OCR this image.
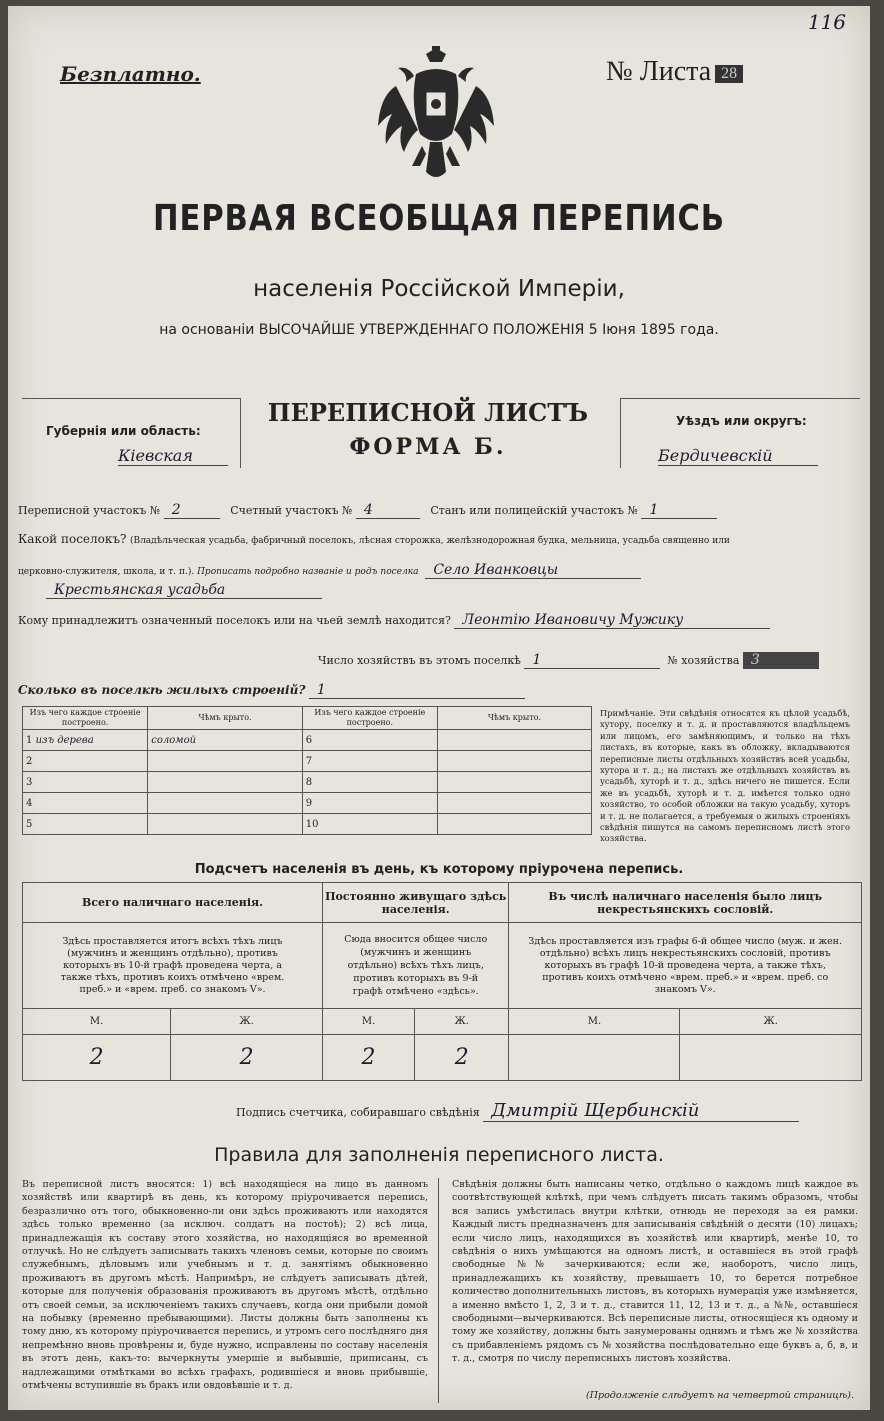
116
Безплатно.	№ Листа 28
ПЕРВАЯ ВСЕОБЩАЯ ПЕРЕПИСЬ
населенія Россійской Имперіи,
на основаніи ВЫСОЧАЙШЕ УТВЕРЖДЕННАГО ПОЛОЖЕНІЯ 5 Іюня 1895 года.
Губернія или область:
Кіевская
ПЕРЕПИСНОЙ ЛИСТЪ
ФОРМА Б.
Уѣздъ или округъ:
Бердичевскій
Переписной участокъ № 2	Счетный участокъ № 4	Станъ или полицейскій участокъ № 1
Какой поселокъ? (Владѣльческая усадьба, фабричный поселокъ, лѣсная сторожка, желѣзнодорожная будка, мельница, усадьба священно или
церковно-служителя, школа, и т. п.). Прописать подробно названіе и родъ поселка Село Иванковцы
Крестьянская усадьба
Кому принадлежитъ означенный поселокъ или на чьей землѣ находится? Леонтію Ивановичу Мужику
Число хозяйствъ въ этомъ поселкѣ 1	№ хозяйства 3
Сколько въ поселкѣ жилыхъ строеній? 1
Изъ чего каждое строеніе построено.	Чѣмъ крыто.	Изъ чего каждое строеніе построено.	Чѣмъ крыто.
1 изъ дерева	соломой	6	
2		7	
3		8	
4		9	
5		10	
Примѣчаніе. Эти свѣдѣнія относятся къ цѣлой усадьбѣ, хутору, поселку и т. д. и проставляются владѣльцемъ или лицомъ, его замѣняющимъ, и только на тѣхъ листахъ, въ которые, какъ въ обложку, вкладываются переписные листы отдѣльныхъ хозяйствъ всей усадьбы, хутора и т. д.; на листахъ же отдѣльныхъ хозяйствъ въ усадьбѣ, хуторѣ и т. д., здѣсь ничего не пишется. Если же въ усадьбѣ, хуторѣ и т. д. имѣется только одно хозяйство, то особой обложки на такую усадьбу, хуторъ и т. д. не полагается, а требуемыя о жилыхъ строеніяхъ свѣдѣнія пишутся на самомъ переписномъ листѣ этого хозяйства.
Подсчетъ населенія въ день, къ которому пріурочена перепись.
Всего наличнаго населенія.		Постоянно живущаго здѣсь населенія.		Въ числѣ наличнаго населенія было лицъ некрестьянскихъ сословій.	
Здѣсь проставляется итогъ всѣхъ тѣхъ лицъ (мужчинъ и женщинъ отдѣльно), противъ которыхъ въ 10-й графѣ проведена черта, а также тѣхъ, противъ коихъ отмѣчено «врем. преб.» и «врем. преб. со знакомъ V».		Сюда вносится общее число (мужчинъ и женщинъ отдѣльно) всѣхъ тѣхъ лицъ, противъ которыхъ въ 9-й графѣ отмѣчено «здѣсь».		Здѣсь проставляется изъ графы 6-й общее число (муж. и жен. отдѣльно) всѣхъ лицъ некрестьянскихъ сословій, противъ которыхъ въ графѣ 10-й проведена черта, а также тѣхъ, противъ коихъ отмѣчено «врем. преб.» и «врем. преб. со знакомъ V».	
М.	Ж.	М.	Ж.	М.	Ж.
2	2	2	2		
Подпись счетчика, собиравшаго свѣдѣнія Дмитрій Щербинскій
Правила для заполненія переписного листа.
Въ переписной листъ вносятся: 1) всѣ находящіеся на лицо въ данномъ хозяйствѣ или квартирѣ въ день, къ которому пріурочивается перепись, безразлично отъ того, обыкновенно-ли они здѣсь проживаютъ или находятся здѣсь только временно (за исключ. солдатъ на постоѣ); 2) всѣ лица, принадлежащія къ составу этого хозяйства, но находящіяся во временной отлучкѣ. Но не слѣдуетъ записывать такихъ членовъ семьи, которые по своимъ служебнымъ, дѣловымъ или учебнымъ и т. д. занятіямъ обыкновенно проживаютъ въ другомъ мѣстѣ. Напримѣръ, не слѣдуетъ записывать дѣтей, которые для полученія образованія проживаютъ въ другомъ мѣстѣ, отдѣльно отъ своей семьи, за исключеніемъ такихъ случаевъ, когда они прибыли домой на побывку (временно пребывающими). Листы должны быть заполнены къ тому дню, къ которому пріурочивается перепись, и утромъ сего послѣдняго дня непремѣнно вновь провѣрены и, буде нужно, исправлены по составу населенія въ этотъ день, какъ-то: вычеркнуты умершіе и выбывшіе, приписаны, съ надлежащими отмѣтками во всѣхъ графахъ, родившіеся и вновь прибывшіе, отмѣчены вступившіе въ бракъ или овдовѣвшіе и т. д.
Свѣдѣнія должны быть написаны четко, отдѣльно о каждомъ лицѣ каждое въ соотвѣтствующей клѣткѣ, при чемъ слѣдуетъ писать такимъ образомъ, чтобы вся запись умѣстилась внутри клѣтки, отнюдь не переходя за ея рамки. Каждый листъ предназначенъ для записыванія свѣдѣній о десяти (10) лицахъ; если число лицъ, находящихся въ хозяйствѣ или квартирѣ, менѣе 10, то свѣдѣнія о нихъ умѣщаются на одномъ листѣ, и оставшіеся въ этой графѣ свободные №№ зачеркиваются; если же, наоборотъ, число лицъ, принадлежащихъ къ хозяйству, превышаетъ 10, то берется потребное количество дополнительныхъ листовъ, въ которыхъ нумерація уже измѣняется, а именно вмѣсто 1, 2, 3 и т. д., ставится 11, 12, 13 и т. д., а №№, оставшіеся свободными—вычеркиваются. Всѣ переписные листы, относящіеся къ одному и тому же хозяйству, должны быть занумерованы однимъ и тѣмъ же № хозяйства съ прибавленіемъ рядомъ съ № хозяйства послѣдовательно еще буквъ а, б, в, и т. д., смотря по числу переписныхъ листовъ хозяйства.
(Продолженіе слѣдуетъ на четвертой страницѣ).
